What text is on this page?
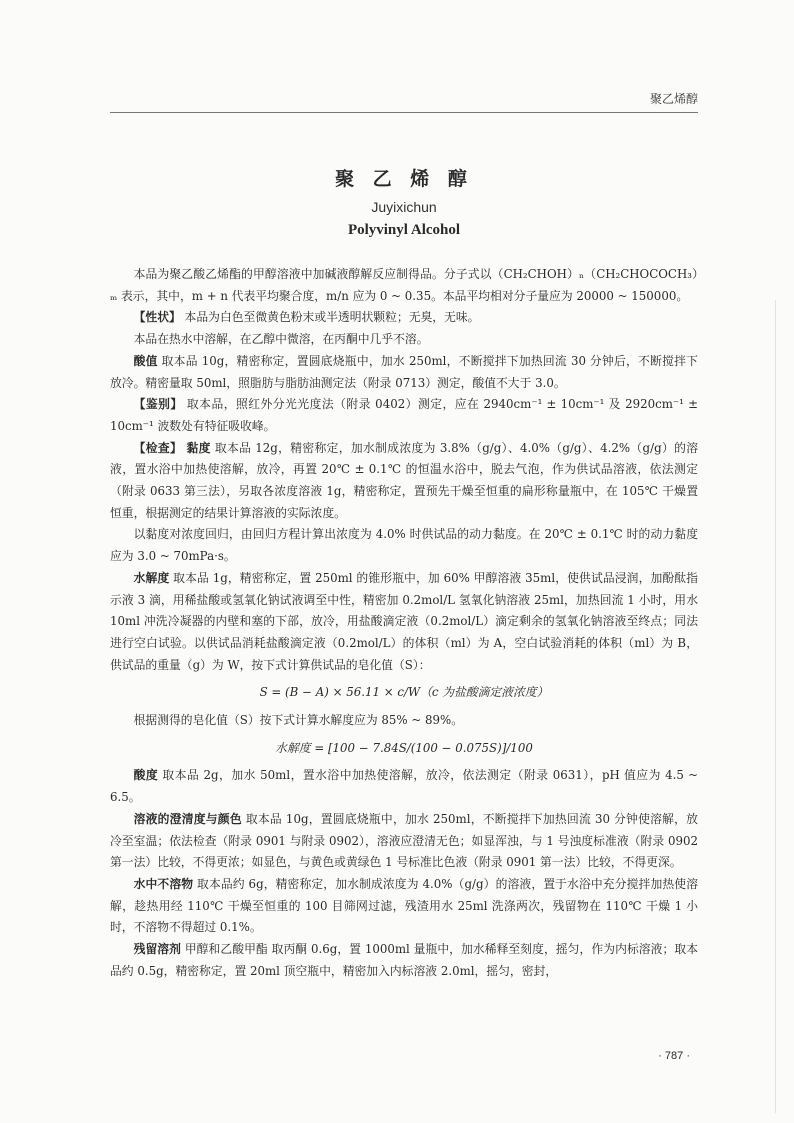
聚乙烯醇
聚 乙 烯 醇
Juyixichun
Polyvinyl Alcohol

本品为聚乙酸乙烯酯的甲醇溶液中加碱液醇解反应制得品。分子式以（CH₂CHOH）ₙ（CH₂CHOCOCH₃）ₘ 表示，其中，m + n 代表平均聚合度，m/n 应为 0 ~ 0.35。本品平均相对分子量应为 20000 ~ 150000。

【性状】 本品为白色至微黄色粉末或半透明状颗粒；无臭，无味。

本品在热水中溶解，在乙醇中微溶，在丙酮中几乎不溶。

酸值 取本品 10g，精密称定，置圆底烧瓶中，加水 250ml，不断搅拌下加热回流 30 分钟后，不断搅拌下放冷。精密量取 50ml，照脂肪与脂肪油测定法（附录 0713）测定，酸值不大于 3.0。

【鉴别】 取本品，照红外分光光度法（附录 0402）测定，应在 2940cm⁻¹ ± 10cm⁻¹ 及 2920cm⁻¹ ± 10cm⁻¹ 波数处有特征吸收峰。

【检查】 黏度 取本品 12g，精密称定，加水制成浓度为 3.8%（g/g）、4.0%（g/g）、4.2%（g/g）的溶液，置水浴中加热使溶解，放冷，再置 20℃ ± 0.1℃ 的恒温水浴中，脱去气泡，作为供试品溶液，依法测定（附录 0633 第三法），另取各浓度溶液 1g，精密称定，置预先干燥至恒重的扁形称量瓶中，在 105℃ 干燥置恒重，根据测定的结果计算溶液的实际浓度。

以黏度对浓度回归，由回归方程计算出浓度为 4.0% 时供试品的动力黏度。在 20℃ ± 0.1℃ 时的动力黏度应为 3.0 ~ 70mPa·s。

水解度 取本品 1g，精密称定，置 250ml 的锥形瓶中，加 60% 甲醇溶液 35ml，使供试品浸润，加酚酞指示液 3 滴，用稀盐酸或氢氧化钠试液调至中性，精密加 0.2mol/L 氢氧化钠溶液 25ml，加热回流 1 小时，用水 10ml 冲洗冷凝器的内壁和塞的下部，放冷，用盐酸滴定液（0.2mol/L）滴定剩余的氢氧化钠溶液至终点；同法进行空白试验。以供试品消耗盐酸滴定液（0.2mol/L）的体积（ml）为 A，空白试验消耗的体积（ml）为 B，供试品的重量（g）为 W，按下式计算供试品的皂化值（S）：

S = (B − A) × 56.11 × c/W（c 为盐酸滴定液浓度）

根据测得的皂化值（S）按下式计算水解度应为 85% ~ 89%。

水解度 = [100 − 7.84S/(100 − 0.075S)]/100

酸度 取本品 2g，加水 50ml，置水浴中加热使溶解，放冷，依法测定（附录 0631），pH 值应为 4.5 ~ 6.5。

溶液的澄清度与颜色 取本品 10g，置圆底烧瓶中，加水 250ml，不断搅拌下加热回流 30 分钟使溶解，放冷至室温；依法检查（附录 0901 与附录 0902），溶液应澄清无色；如显浑浊，与 1 号浊度标准液（附录 0902 第一法）比较，不得更浓；如显色，与黄色或黄绿色 1 号标准比色液（附录 0901 第一法）比较，不得更深。

水中不溶物 取本品约 6g，精密称定，加水制成浓度为 4.0%（g/g）的溶液，置于水浴中充分搅拌加热使溶解，趁热用经 110℃ 干燥至恒重的 100 目筛网过滤，残渣用水 25ml 洗涤两次，残留物在 110℃ 干燥 1 小时，不溶物不得超过 0.1%。

残留溶剂 甲醇和乙酸甲酯 取丙酮 0.6g，置 1000ml 量瓶中，加水稀释至刻度，摇匀，作为内标溶液；取本品约 0.5g，精密称定，置 20ml 顶空瓶中，精密加入内标溶液 2.0ml，摇匀，密封，

· 787 ·
